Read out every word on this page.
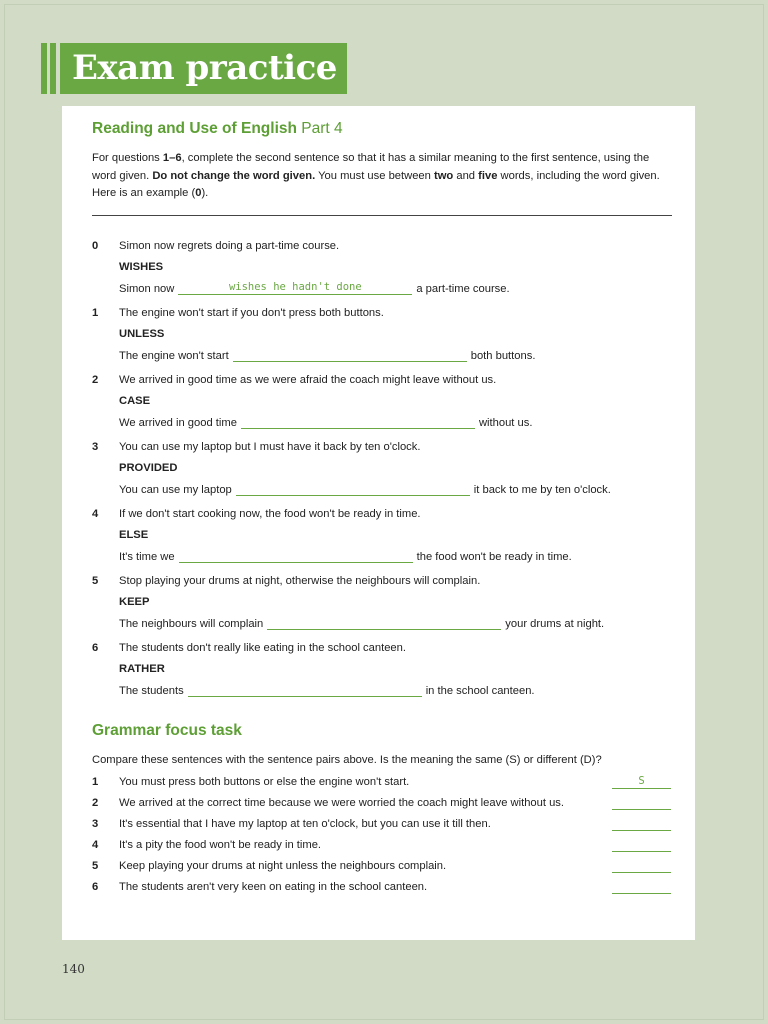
Exam practice
Reading and Use of English Part 4
For questions 1–6, complete the second sentence so that it has a similar meaning to the first sentence, using the word given. Do not change the word given. You must use between two and five words, including the word given. Here is an example (0).
0 Simon now regrets doing a part-time course.
WISHES
Simon now	wishes he hadn't done	a part-time course.
1 The engine won't start if you don't press both buttons.
UNLESS
The engine won't start	both buttons.
2 We arrived in good time as we were afraid the coach might leave without us.
CASE
We arrived in good time	without us.
3 You can use my laptop but I must have it back by ten o'clock.
PROVIDED
You can use my laptop	it back to me by ten o'clock.
4 If we don't start cooking now, the food won't be ready in time.
ELSE
It's time we	the food won't be ready in time.
5 Stop playing your drums at night, otherwise the neighbours will complain.
KEEP
The neighbours will complain	your drums at night.
6 The students don't really like eating in the school canteen.
RATHER
The students	in the school canteen.
Grammar focus task
Compare these sentences with the sentence pairs above. Is the meaning the same (S) or different (D)?
1 You must press both buttons or else the engine won't start.	S
2 We arrived at the correct time because we were worried the coach might leave without us.
3 It's essential that I have my laptop at ten o'clock, but you can use it till then.
4 It's a pity the food won't be ready in time.
5 Keep playing your drums at night unless the neighbours complain.
6 The students aren't very keen on eating in the school canteen.
140
